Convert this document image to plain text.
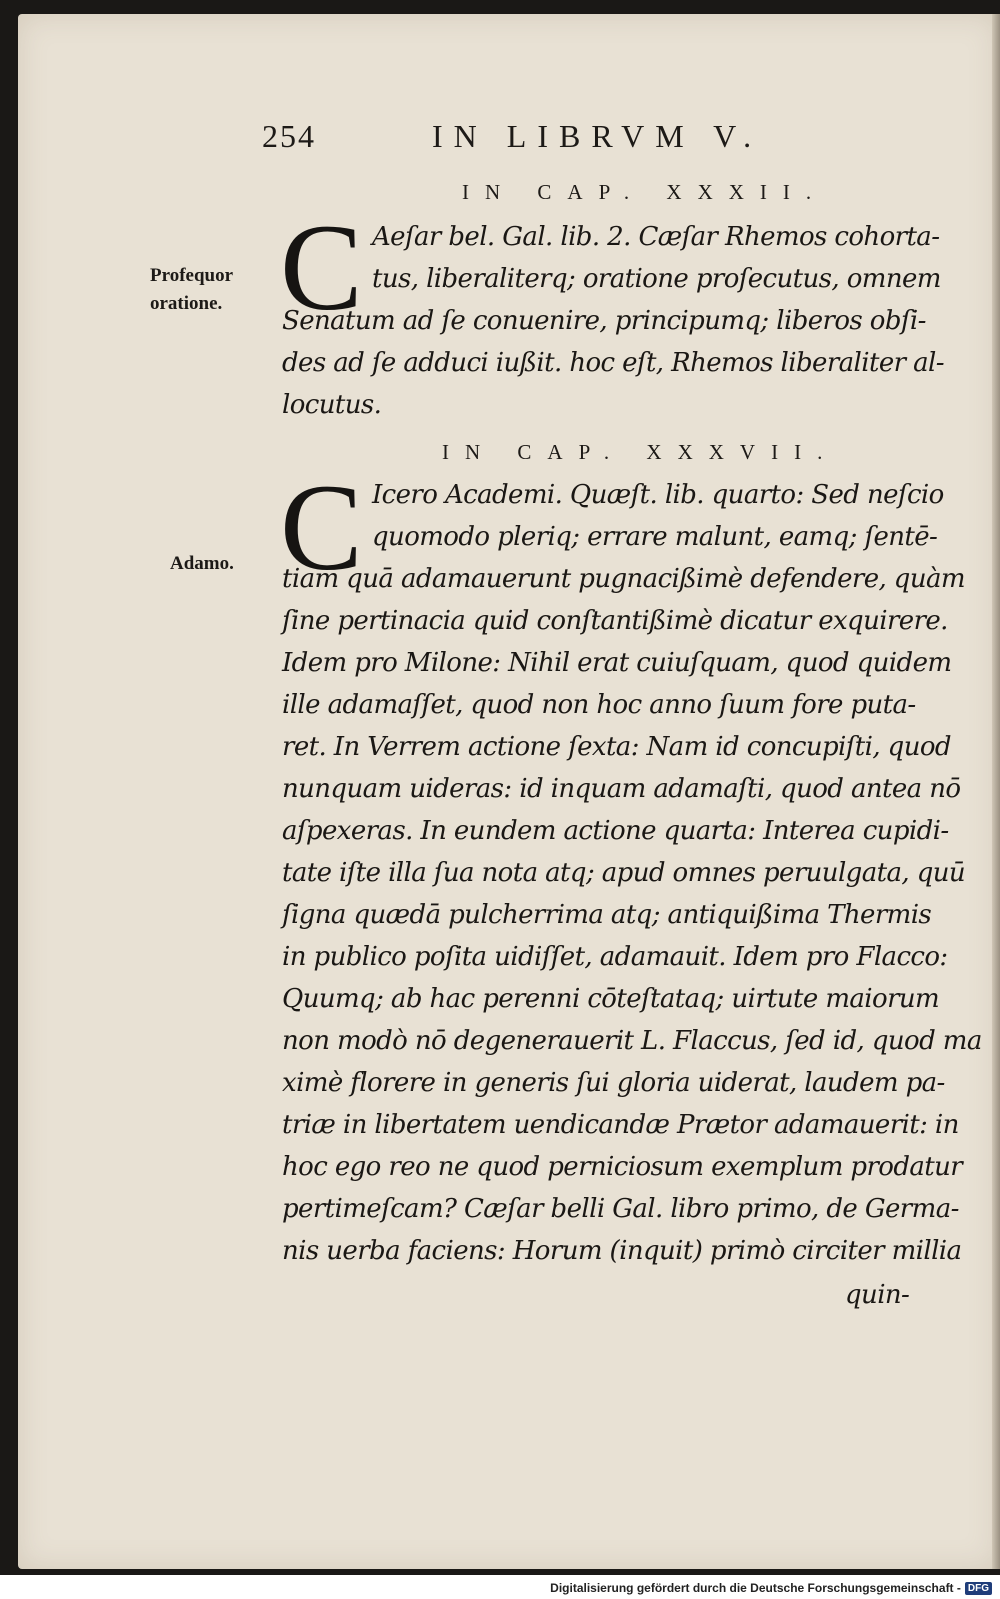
254	IN LIBRVM V.
IN CAP. XXXII.
Profequor
oratione. C Aeſar bel. Gal. lib. 2. Cæſar Rhemos cohorta-
tus, liberaliterq; oratione proſecutus, omnem
Senatum ad ſe conuenire, principumq; liberos obſi-
des ad ſe adduci iußit. hoc eſt, Rhemos liberaliter al-
locutus.
IN CAP. XXXVII.
Adamo. C Icero Academi. Quæſt. lib. quarto: Sed neſcio
quomodo pleriq; errare malunt, eamq; ſentē-
tiam quā adamauerunt pugnacißimè defendere, quàm
ſine pertinacia quid conſtantißimè dicatur exquirere.
Idem pro Milone: Nihil erat cuiuſquam, quod quidem
ille adamaſſet, quod non hoc anno ſuum fore puta-
ret. In Verrem actione ſexta: Nam id concupiſti, quod
nunquam uideras: id inquam adamaſti, quod antea nō
aſpexeras. In eundem actione quarta: Interea cupidi-
tate iſte illa ſua nota atq; apud omnes peruulgata, quū
ſigna quædā pulcherrima atq; antiquißima Thermis
in publico poſita uidiſſet, adamauit. Idem pro Flacco:
Quumq; ab hac perenni cōteſtataq; uirtute maiorum
non modò nō degenerauerit L. Flaccus, ſed id, quod ma
ximè florere in generis ſui gloria uiderat, laudem pa-
triæ in libertatem uendicandæ Prætor adamauerit: in
hoc ego reo ne quod perniciosum exemplum prodatur
pertimeſcam? Cæſar belli Gal. libro primo, de Germa-
nis uerba faciens: Horum (inquit) primò circiter millia
quin-
Digitalisierung gefördert durch die Deutsche Forschungsgemeinschaft - DFG
